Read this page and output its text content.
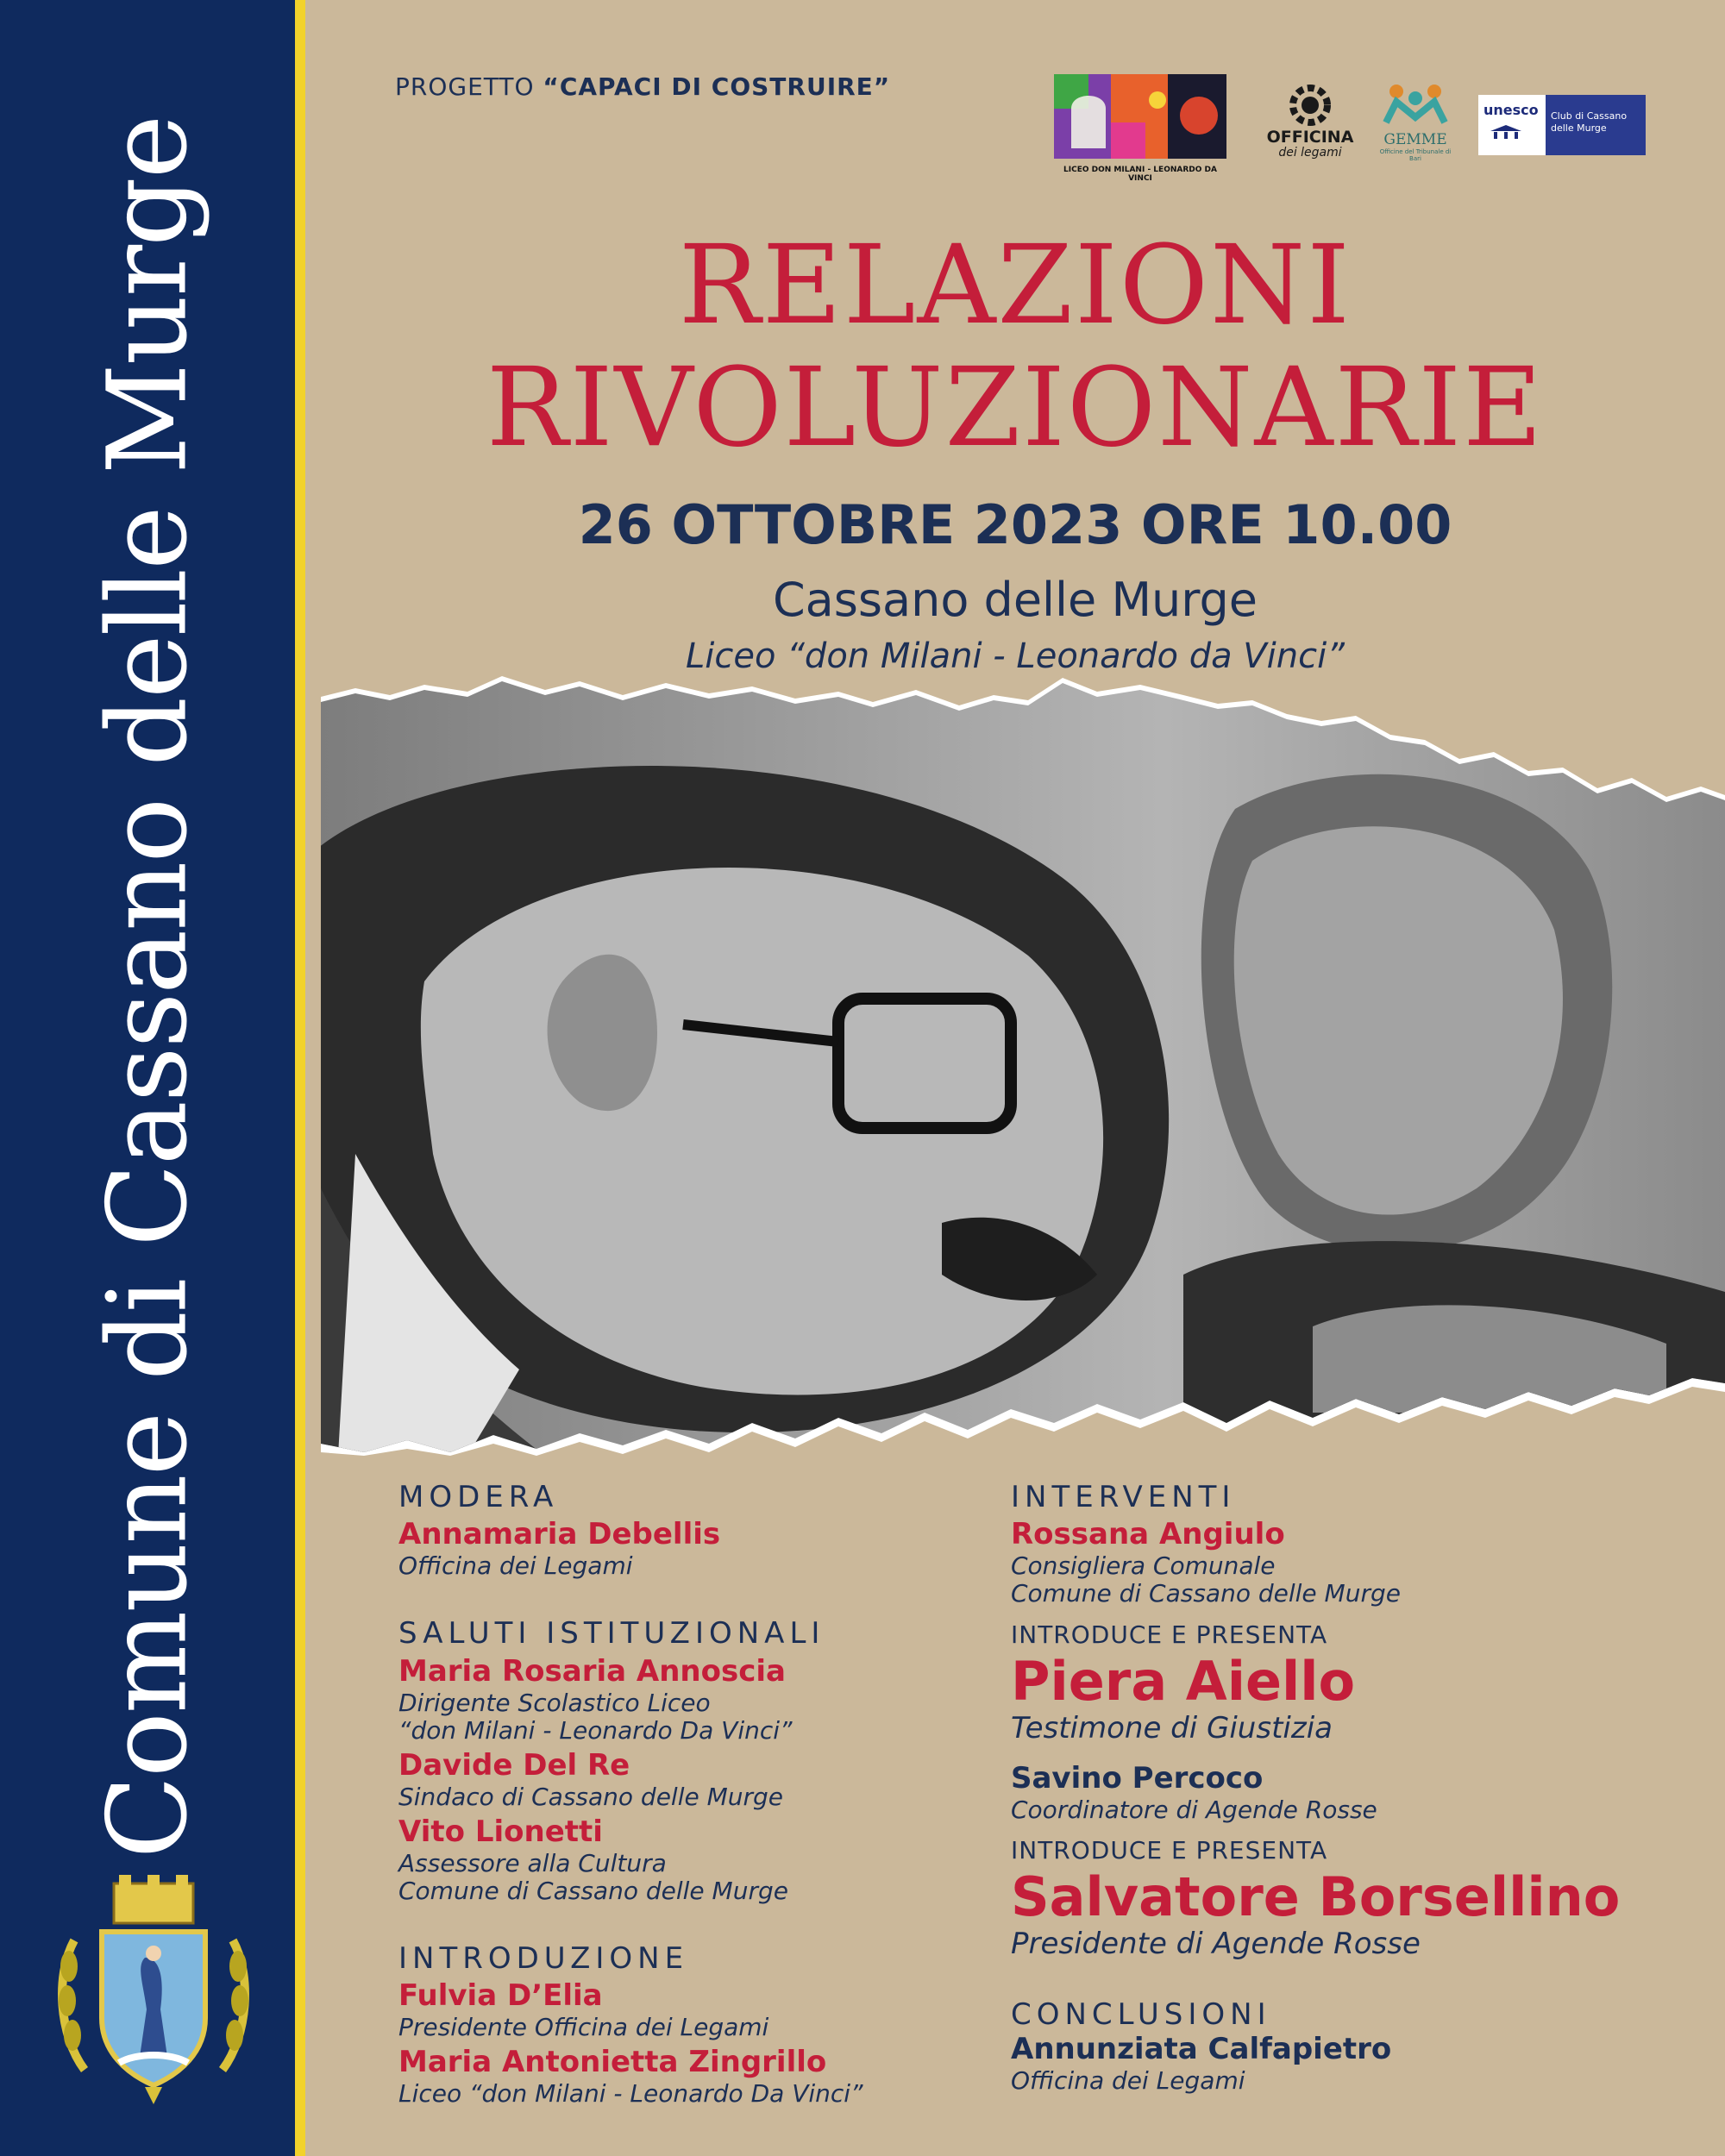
Comune di Cassano delle Murge
PROGETTO “CAPACI DI COSTRUIRE”
LICEO DON MILANI - LEONARDO DA VINCI
OFFICINA
dei legami
GEMME
Officine del Tribunale di Bari
unesco Club di Cassano delle Murge
RELAZIONI
RIVOLUZIONARIE
26 OTTOBRE 2023 ORE 10.00
Cassano delle Murge
Liceo “don Milani - Leonardo da Vinci”
MODERA
Annamaria Debellis
Officina dei Legami
SALUTI ISTITUZIONALI
Maria Rosaria Annoscia
Dirigente Scolastico Liceo
“don Milani - Leonardo Da Vinci”
Davide Del Re
Sindaco di Cassano delle Murge
Vito Lionetti
Assessore alla Cultura
Comune di Cassano delle Murge
INTRODUZIONE
Fulvia D’Elia
Presidente Officina dei Legami
Maria Antonietta Zingrillo
Liceo “don Milani - Leonardo Da Vinci”
INTERVENTI
Rossana Angiulo
Consigliera Comunale
Comune di Cassano delle Murge
INTRODUCE E PRESENTA
Piera Aiello
Testimone di Giustizia
Savino Percoco
Coordinatore di Agende Rosse
INTRODUCE E PRESENTA
Salvatore Borsellino
Presidente di Agende Rosse
CONCLUSIONI
Annunziata Calfapietro
Officina dei Legami
